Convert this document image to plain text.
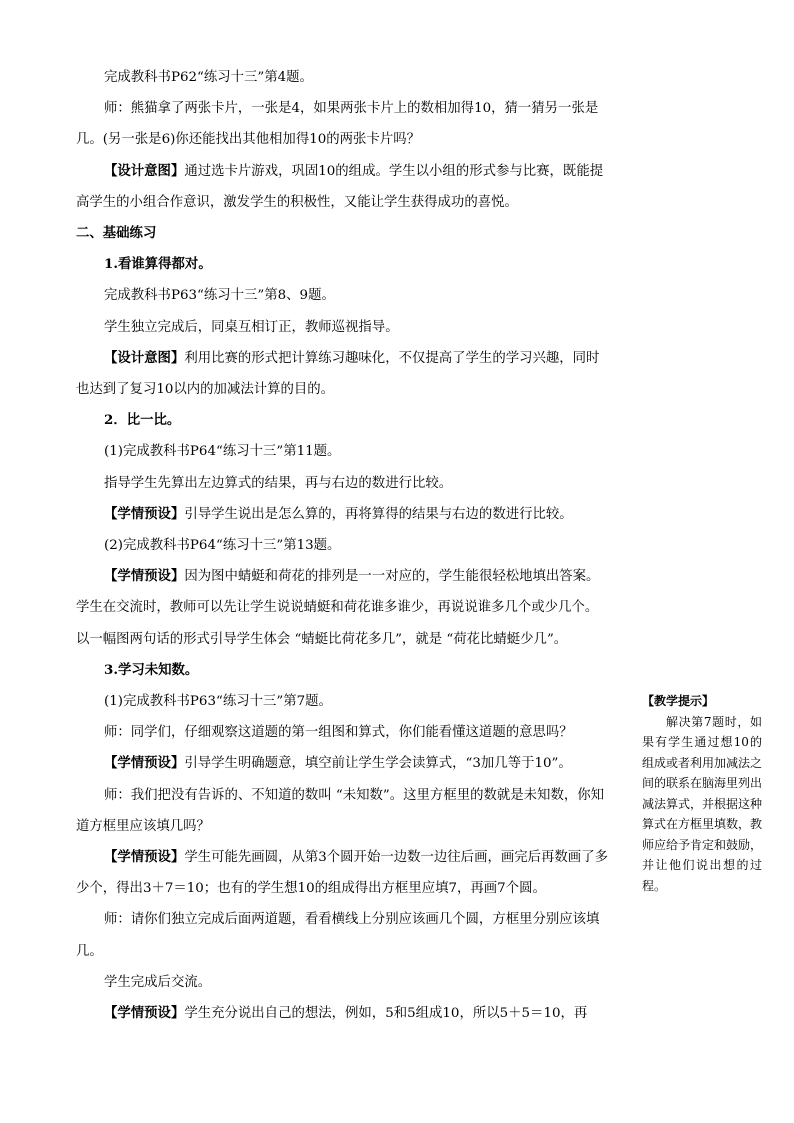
完成教科书P62“练习十三”第4题。

师：熊猫拿了两张卡片，一张是4，如果两张卡片上的数相加得10，猜一猜另一张是几。(另一张是6)你还能找出其他相加得10的两张卡片吗？

【设计意图】通过选卡片游戏，巩固10的组成。学生以小组的形式参与比赛，既能提高学生的小组合作意识，激发学生的积极性，又能让学生获得成功的喜悦。

二、基础练习

1.看谁算得都对。

完成教科书P63“练习十三”第8、9题。

学生独立完成后，同桌互相订正，教师巡视指导。

【设计意图】利用比赛的形式把计算练习趣味化，不仅提高了学生的学习兴趣，同时也达到了复习10以内的加减法计算的目的。

2．比一比。

(1)完成教科书P64“练习十三”第11题。

指导学生先算出左边算式的结果，再与右边的数进行比较。

【学情预设】引导学生说出是怎么算的，再将算得的结果与右边的数进行比较。

(2)完成教科书P64“练习十三”第13题。

【学情预设】因为图中蜻蜓和荷花的排列是一一对应的，学生能很轻松地填出答案。学生在交流时，教师可以先让学生说说蜻蜓和荷花谁多谁少，再说说谁多几个或少几个。以一幅图两句话的形式引导学生体会 “蜻蜓比荷花多几”，就是 “荷花比蜻蜓少几”。

3.学习未知数。

(1)完成教科书P63“练习十三”第7题。

师：同学们，仔细观察这道题的第一组图和算式，你们能看懂这道题的意思吗？

【学情预设】引导学生明确题意，填空前让学生学会读算式，“3加几等于10”。

师：我们把没有告诉的、不知道的数叫 “未知数”。这里方框里的数就是未知数，你知道方框里应该填几吗？

【学情预设】学生可能先画圆，从第3个圆开始一边数一边往后画，画完后再数画了多少个，得出3＋7＝10；也有的学生想10的组成得出方框里应填7，再画7个圆。

师：请你们独立完成后面两道题，看看横线上分别应该画几个圆，方框里分别应该填几。

学生完成后交流。

【学情预设】学生充分说出自己的想法，例如，5和5组成10，所以5＋5＝10，再

【教学提示】

解决第7题时，如果有学生通过想10的组成或者利用加减法之间的联系在脑海里列出减法算式，并根据这种算式在方框里填数，教师应给予肯定和鼓励，并让他们说出想的过程。
